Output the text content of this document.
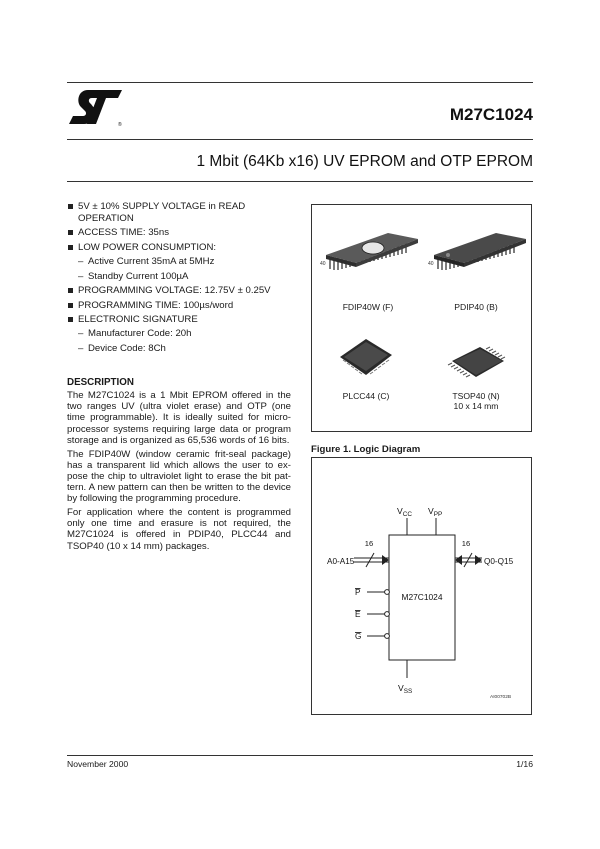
®
M27C1024
1 Mbit (64Kb x16) UV EPROM and OTP EPROM
5V ± 10% SUPPLY VOLTAGE in READ OPERATION
ACCESS TIME: 35ns
LOW POWER CONSUMPTION:
– Active Current 35mA at 5MHz
– Standby Current 100µA
PROGRAMMING VOLTAGE: 12.75V ± 0.25V
PROGRAMMING TIME: 100µs/word
ELECTRONIC SIGNATURE
– Manufacturer Code: 20h
– Device Code: 8Ch
DESCRIPTION

The M27C1024 is a 1 Mbit EPROM offered in the two ranges UV (ultra violet erase) and OTP (one time programmable). It is ideally suited for micro-processor systems requiring large data or program storage and is organized as 65,536 words of 16 bits.

The FDIP40W (window ceramic frit-seal package) has a transparent lid which allows the user to ex-pose the chip to ultraviolet light to erase the bit pat-tern. A new pattern can then be written to the device by following the programming procedure.

For application where the content is programmed only one time and erasure is not required, the M27C1024 is offered in PDIP40, PLCC44 and TSOP40 (10 x 14 mm) packages.

40
FDIP40W (F)
40
PDIP40 (B)
PLCC44 (C)	TSOP40 (N)
10 x 14 mm
Figure 1. Logic Diagram
M27C1024
$V_{CC}$ $V_{PP}$
16
A0-A15
16
Q0-Q15
P
E
G
$V_{SS}$
AI00702B
November 2000	1/16
